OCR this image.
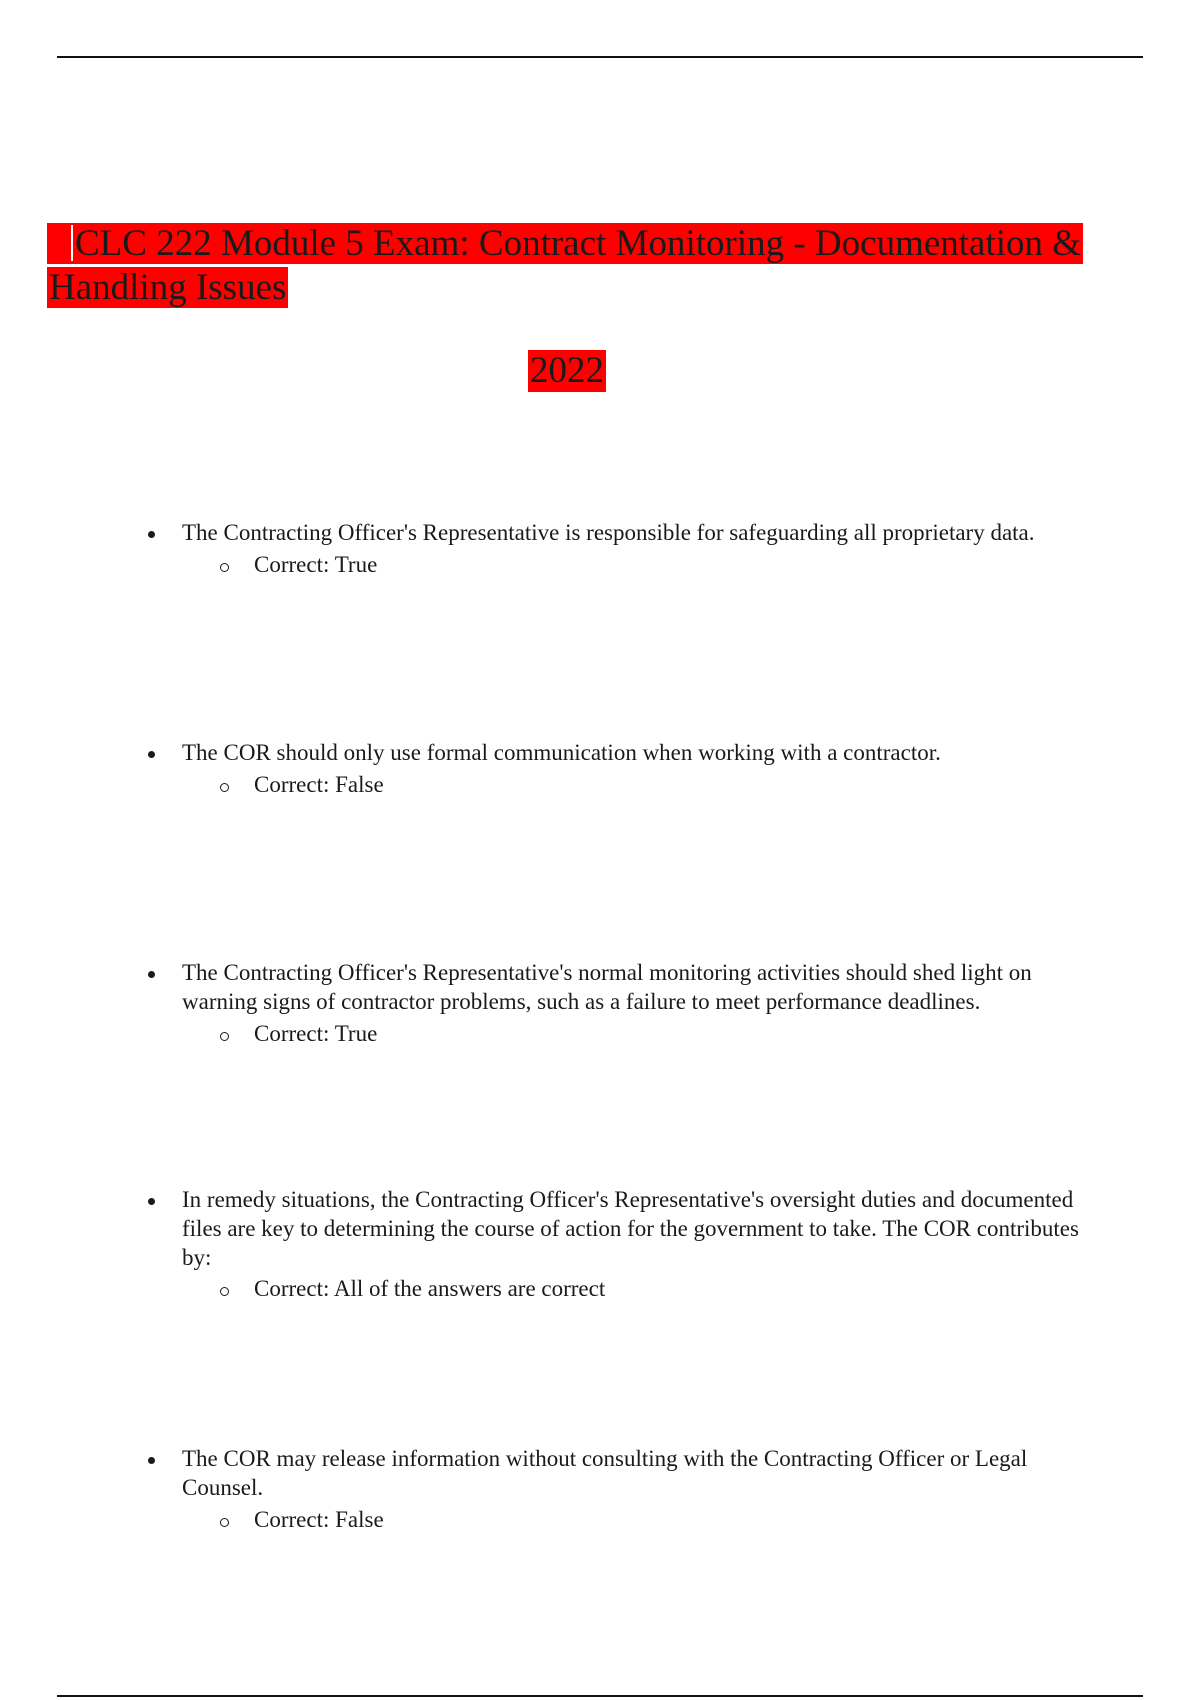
CLC 222 Module 5 Exam: Contract Monitoring - Documentation & Handling Issues
2022

The Contracting Officer's Representative is responsible for safeguarding all proprietary data.

Correct: True

The COR should only use formal communication when working with a contractor.

Correct: False

The Contracting Officer's Representative's normal monitoring activities should shed light on warning signs of contractor problems, such as a failure to meet performance deadlines.

Correct: True

In remedy situations, the Contracting Officer's Representative's oversight duties and documented files are key to determining the course of action for the government to take. The COR contributes by:

Correct: All of the answers are correct

The COR may release information without consulting with the Contracting Officer or Legal Counsel.

Correct: False
